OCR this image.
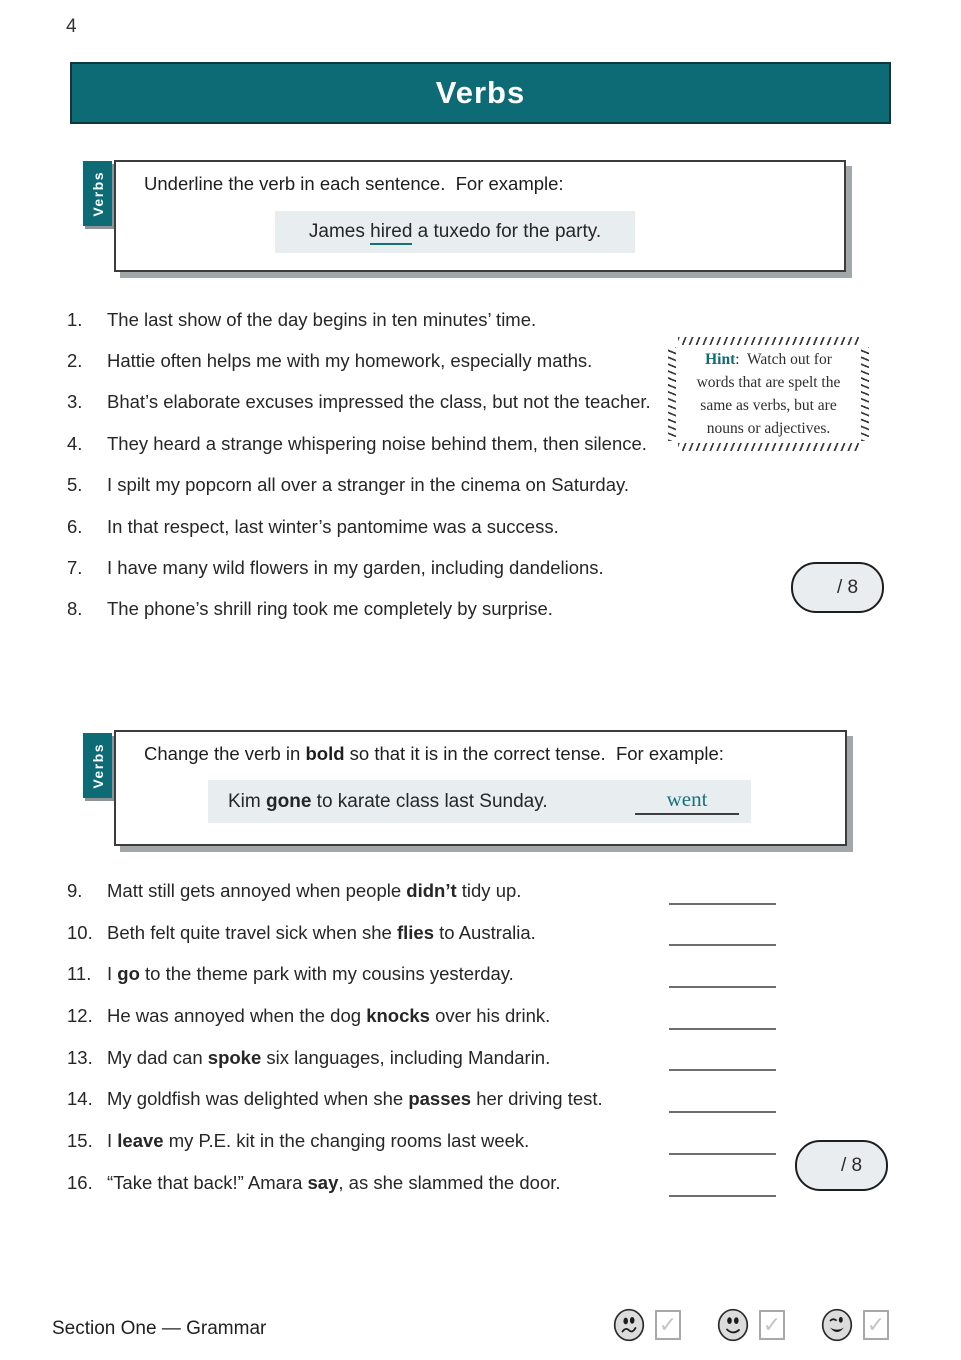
4
Verbs
Verbs Underline the verb in each sentence.  For example:
James hired a tuxedo for the party.
1.	The last show of the day begins in ten minutes’ time.
2.	Hattie often helps me with my homework, especially maths.
3.	Bhat’s elaborate excuses impressed the class, but not the teacher.
4.	They heard a strange whispering noise behind them, then silence.
5.	I spilt my popcorn all over a stranger in the cinema on Saturday.
6.	In that respect, last winter’s pantomime was a success.
7.	I have many wild flowers in my garden, including dandelions.
8.	The phone’s shrill ring took me completely by surprise.
Hint:  Watch out for
words that are spelt the
same as verbs, but are
nouns or adjectives.
/ 8
Verbs Change the verb in bold so that it is in the correct tense.  For example:
Kim gone to karate class last Sunday.	went
9.	Matt still gets annoyed when people didn’t tidy up.
10. Beth felt quite travel sick when she flies to Australia.
11. I go to the theme park with my cousins yesterday.
12. He was annoyed when the dog knocks over his drink.
13. My dad can spoke six languages, including Mandarin.
14. My goldfish was delighted when she passes her driving test.
15. I leave my P.E. kit in the changing rooms last week.
16. “Take that back!” Amara say, as she slammed the door.
/ 8
Section One — Grammar	✓	✓	✓
